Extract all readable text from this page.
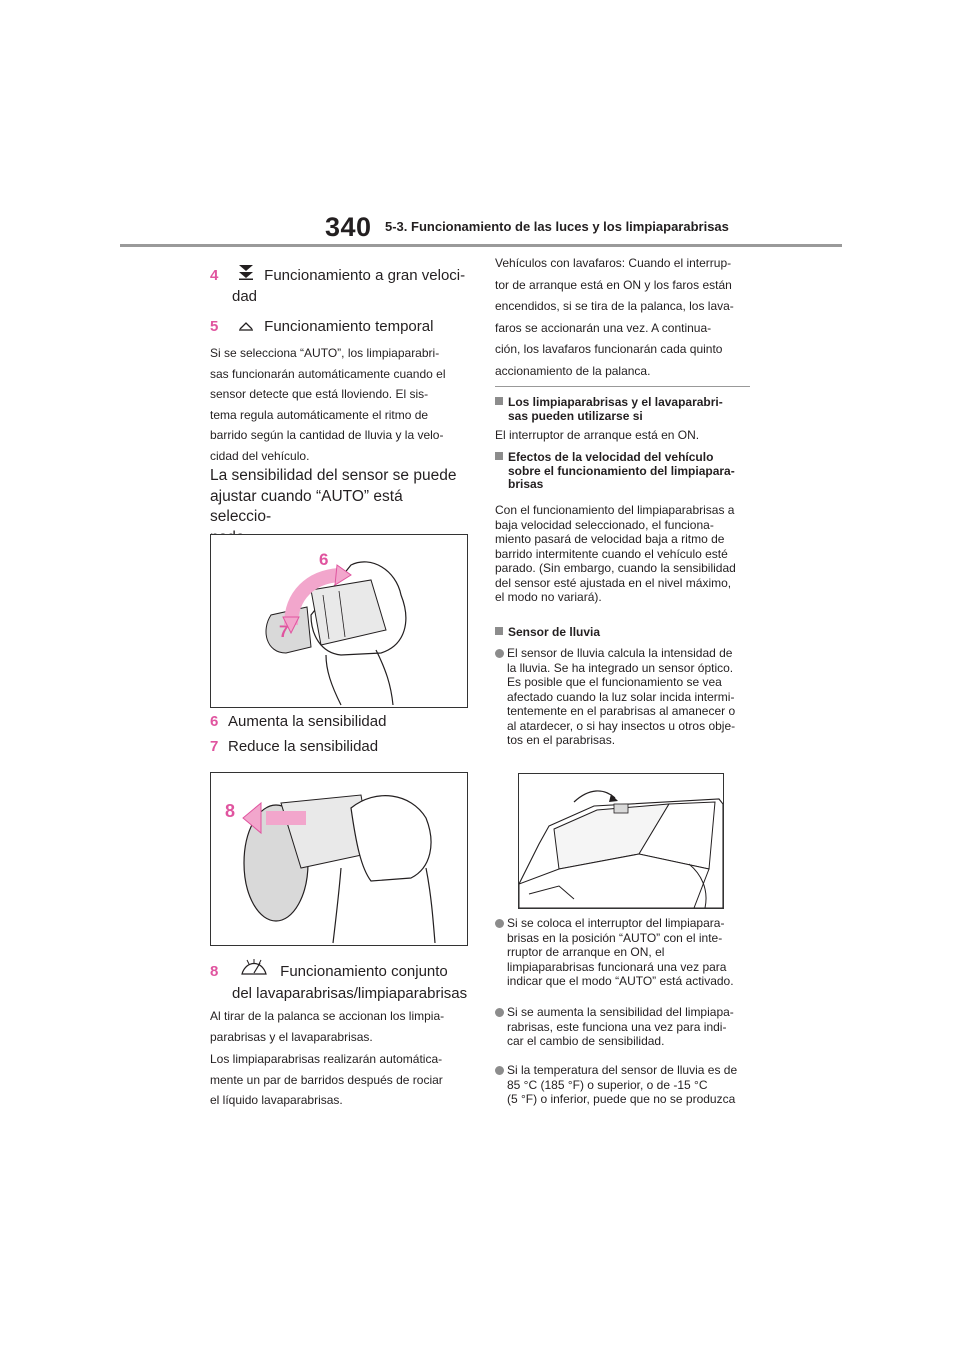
340 5-3. Funcionamiento de las luces y los limpiaparabrisas
4	Funcionamiento a gran veloci-
dad
5	Funcionamiento temporal

Si se selecciona “AUTO”, los limpiaparabri-

sas funcionarán automáticamente cuando el

sensor detecte que está lloviendo. El sis-

tema regula automáticamente el ritmo de

barrido según la cantidad de lluvia y la velo-

cidad del vehículo.

La sensibilidad del sensor se puede

ajustar cuando “AUTO” está seleccio-

6
7
6 Aumenta la sensibilidad
7 Reduce la sensibilidad
8
8	Funcionamiento conjunto
del lavaparabrisas/limpiaparabrisas

Al tirar de la palanca se accionan los limpia-

parabrisas y el lavaparabrisas.

Los limpiaparabrisas realizarán automática-

mente un par de barridos después de rociar

el líquido lavaparabrisas.

Vehículos con lavafaros: Cuando el interrup-

tor de arranque está en ON y los faros están

encendidos, si se tira de la palanca, los lava-

faros se accionarán una vez. A continua-

ción, los lavafaros funcionarán cada quinto

accionamiento de la palanca.

Los limpiaparabrisas y el lavaparabri-
sas pueden utilizarse si

El interruptor de arranque está en ON.

Efectos de la velocidad del vehículo
sobre el funcionamiento del limpiapara-
brisas

Con el funcionamiento del limpiaparabrisas a

baja velocidad seleccionado, el funciona-

miento pasará de velocidad baja a ritmo de

barrido intermitente cuando el vehículo esté

parado. (Sin embargo, cuando la sensibilidad

del sensor esté ajustada en el nivel máximo,

el modo no variará).

Sensor de lluvia

El sensor de lluvia calcula la intensidad de

la lluvia. Se ha integrado un sensor óptico.

Es posible que el funcionamiento se vea

afectado cuando la luz solar incida intermi-

tentemente en el parabrisas al amanecer o

al atardecer, o si hay insectos u otros obje-

tos en el parabrisas.

Si se coloca el interruptor del limpiapara-

brisas en la posición “AUTO” con el inte-

rruptor de arranque en ON, el

limpiaparabrisas funcionará una vez para

indicar que el modo “AUTO” está activado.

Si se aumenta la sensibilidad del limpiapa-

rabrisas, este funciona una vez para indi-

car el cambio de sensibilidad.

Si la temperatura del sensor de lluvia es de

85 °C (185 °F) o superior, o de -15 °C

(5 °F) o inferior, puede que no se produzca
